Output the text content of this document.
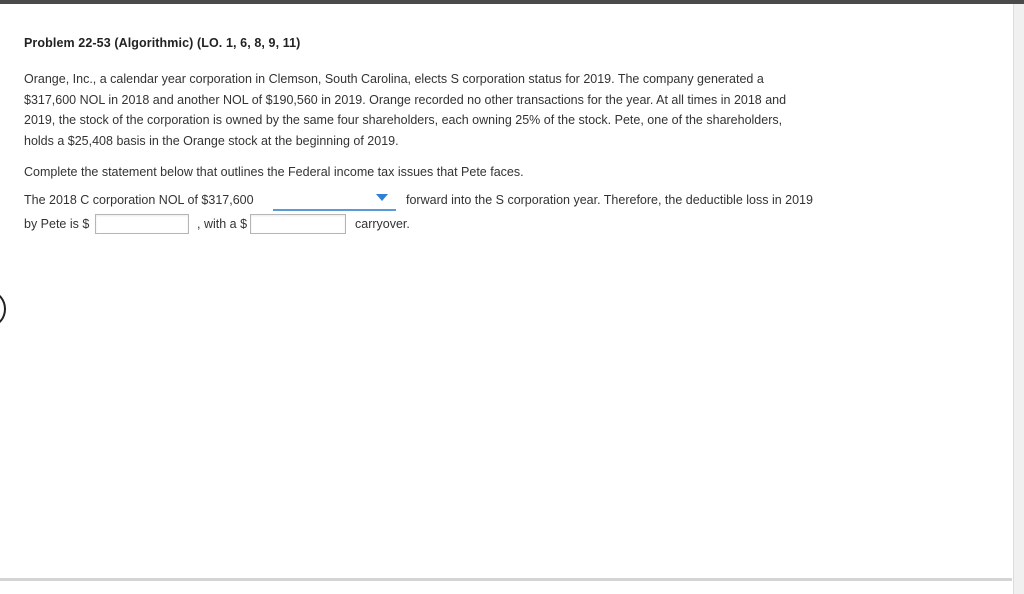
Problem 22-53 (Algorithmic) (LO. 1, 6, 8, 9, 11)
Orange, Inc., a calendar year corporation in Clemson, South Carolina, elects S corporation status for 2019. The company generated a
$317,600 NOL in 2018 and another NOL of $190,560 in 2019. Orange recorded no other transactions for the year. At all times in 2018 and
2019, the stock of the corporation is owned by the same four shareholders, each owning 25% of the stock. Pete, one of the shareholders,
holds a $25,408 basis in the Orange stock at the beginning of 2019.
Complete the statement below that outlines the Federal income tax issues that Pete faces.
The 2018 C corporation NOL of $317,600	forward into the S corporation year. Therefore, the deductible loss in 2019
by Pete is $	, with a $	carryover.
